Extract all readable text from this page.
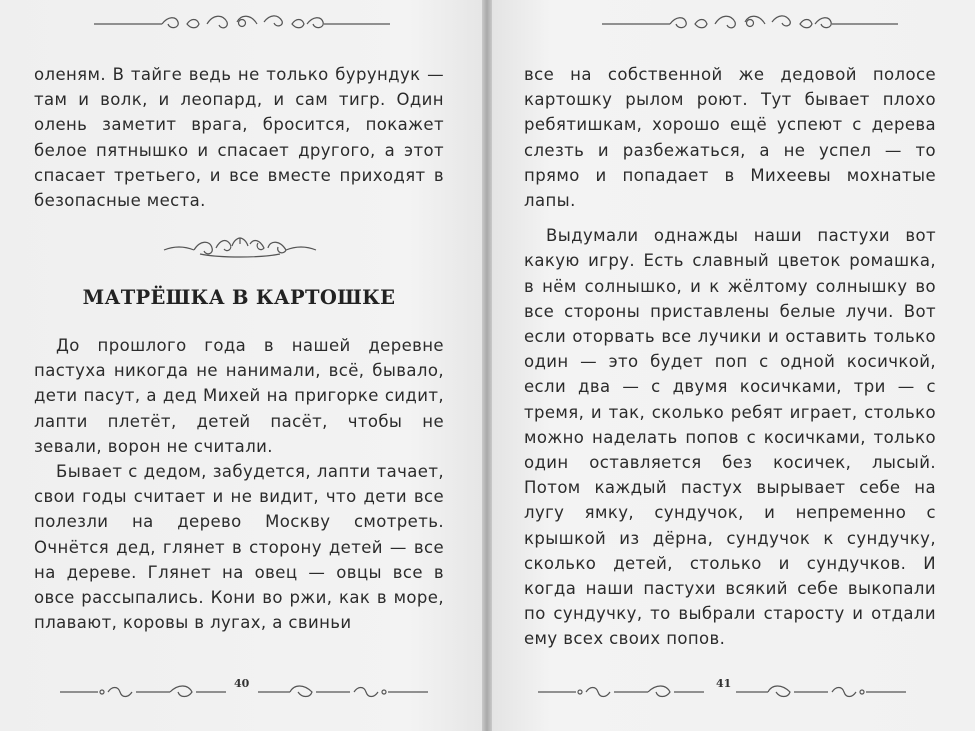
оленям. В тайге ведь не только бурундук — там и волк, и леопард, и сам тигр. Один олень заметит врага, бросится, покажет белое пятнышко и спасает другого, а этот спасает третьего, и все вместе приходят в безопасные места.

МАТРЁШКА В КАРТОШКЕ

До прошлого года в нашей деревне пастуха никогда не нанимали, всё, бывало, дети пасут, а дед Михей на пригорке сидит, лапти плетёт, детей пасёт, чтобы не зевали, ворон не считали.

Бывает с дедом, забудется, лапти тачает, свои годы считает и не видит, что дети все полезли на дерево Москву смотреть. Очнётся дед, глянет в сторону детей — все на дереве. Глянет на овец — овцы все в овсе рассыпались. Кони во ржи, как в море, плавают, коровы в лугах, а свиньи

40

все на собственной же дедовой полосе картошку рылом роют. Тут бывает плохо ребятишкам, хорошо ещё успеют с дерева слезть и разбежаться, а не успел — то прямо и попадает в Михеевы мохнатые лапы.

Выдумали однажды наши пастухи вот какую игру. Есть славный цветок ромашка, в нём солнышко, и к жёлтому солнышку во все стороны приставлены белые лучи. Вот если оторвать все лучики и оставить только один — это будет поп с одной косичкой, если два — с двумя косичками, три — с тремя, и так, сколько ребят играет, столько можно наделать попов с косичками, только один оставляется без косичек, лысый. Потом каждый пастух вырывает себе на лугу ямку, сундучок, и непременно с крышкой из дёрна, сундучок к сундучку, сколько детей, столько и сундучков. И когда наши пастухи всякий себе выкопали по сундучку, то выбрали старосту и отдали ему всех своих попов.

41
